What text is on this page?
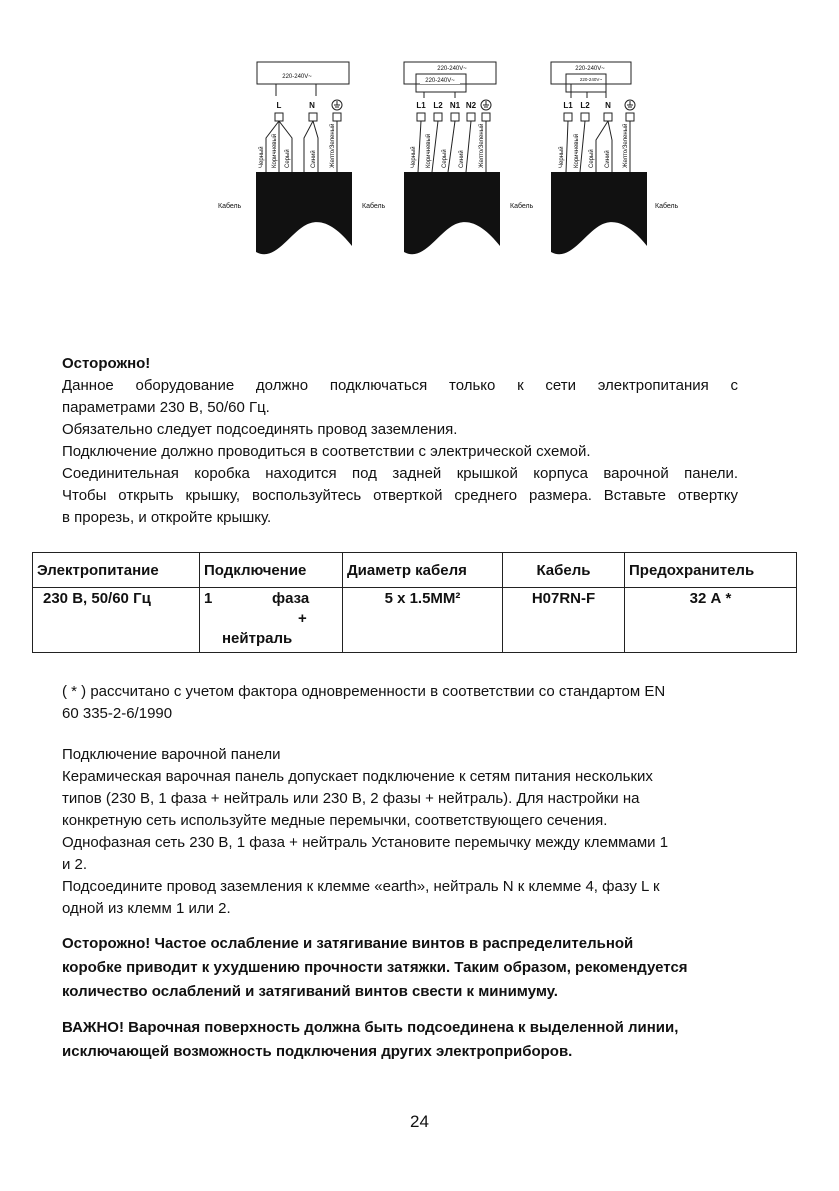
220-240V~
L	N
Черный Коричневый Серый	Синий Желто/Зеленый
Кабель
220-240V~
220-240V~
L1 L2 N1 N2
Черный Коричневый Серый Синий Желто/Зеленый
Кабель
220-240V~
220-240V~
L1 L2 N
Черный Коричневый Серый Синий Желто/Зеленый
Кабель	Кабель

Осторожно!

Данное оборудование должно подключаться только к сети электропитания с

параметрами 230 В, 50/60 Гц.

Обязательно следует подсоединять провод заземления.

Подключение должно проводиться в соответствии с электрической схемой.

Соединительная коробка находится под задней крышкой корпуса варочной панели.

Чтобы открыть крышку, воспользуйтесь отверткой среднего размера. Вставьте отвертку

в прорезь, и откройте крышку.

Электропитание	Подключение	Диаметр кабеля	Кабель	Предохранитель
230 В, 50/60 Гц	1 фаза
+
нейтраль	5 x 1.5MM²	H07RN-F	32 А *

( * ) рассчитано с учетом фактора одновременности в соответствии со стандартом EN

60 335-2-6/1990

Подключение варочной панели

Керамическая варочная панель допускает подключение к сетям питания нескольких

типов (230 В, 1 фаза + нейтраль или 230 В, 2 фазы + нейтраль). Для настройки на

конкретную сеть используйте медные перемычки, соответствующего сечения.

Однофазная сеть 230 В, 1 фаза + нейтраль Установите перемычку между клеммами 1

и 2.

Подсоедините провод заземления к клемме «earth», нейтраль N к клемме 4, фазу L к

одной из клемм 1 или 2.

Осторожно! Частое ослабление и затягивание винтов в распределительной

коробке приводит к ухудшению прочности затяжки. Таким образом, рекомендуется

количество ослаблений и затягиваний винтов свести к минимуму.

ВАЖНО! Варочная поверхность должна быть подсоединена к выделенной линии,

исключающей возможность подключения других электроприборов.

24
